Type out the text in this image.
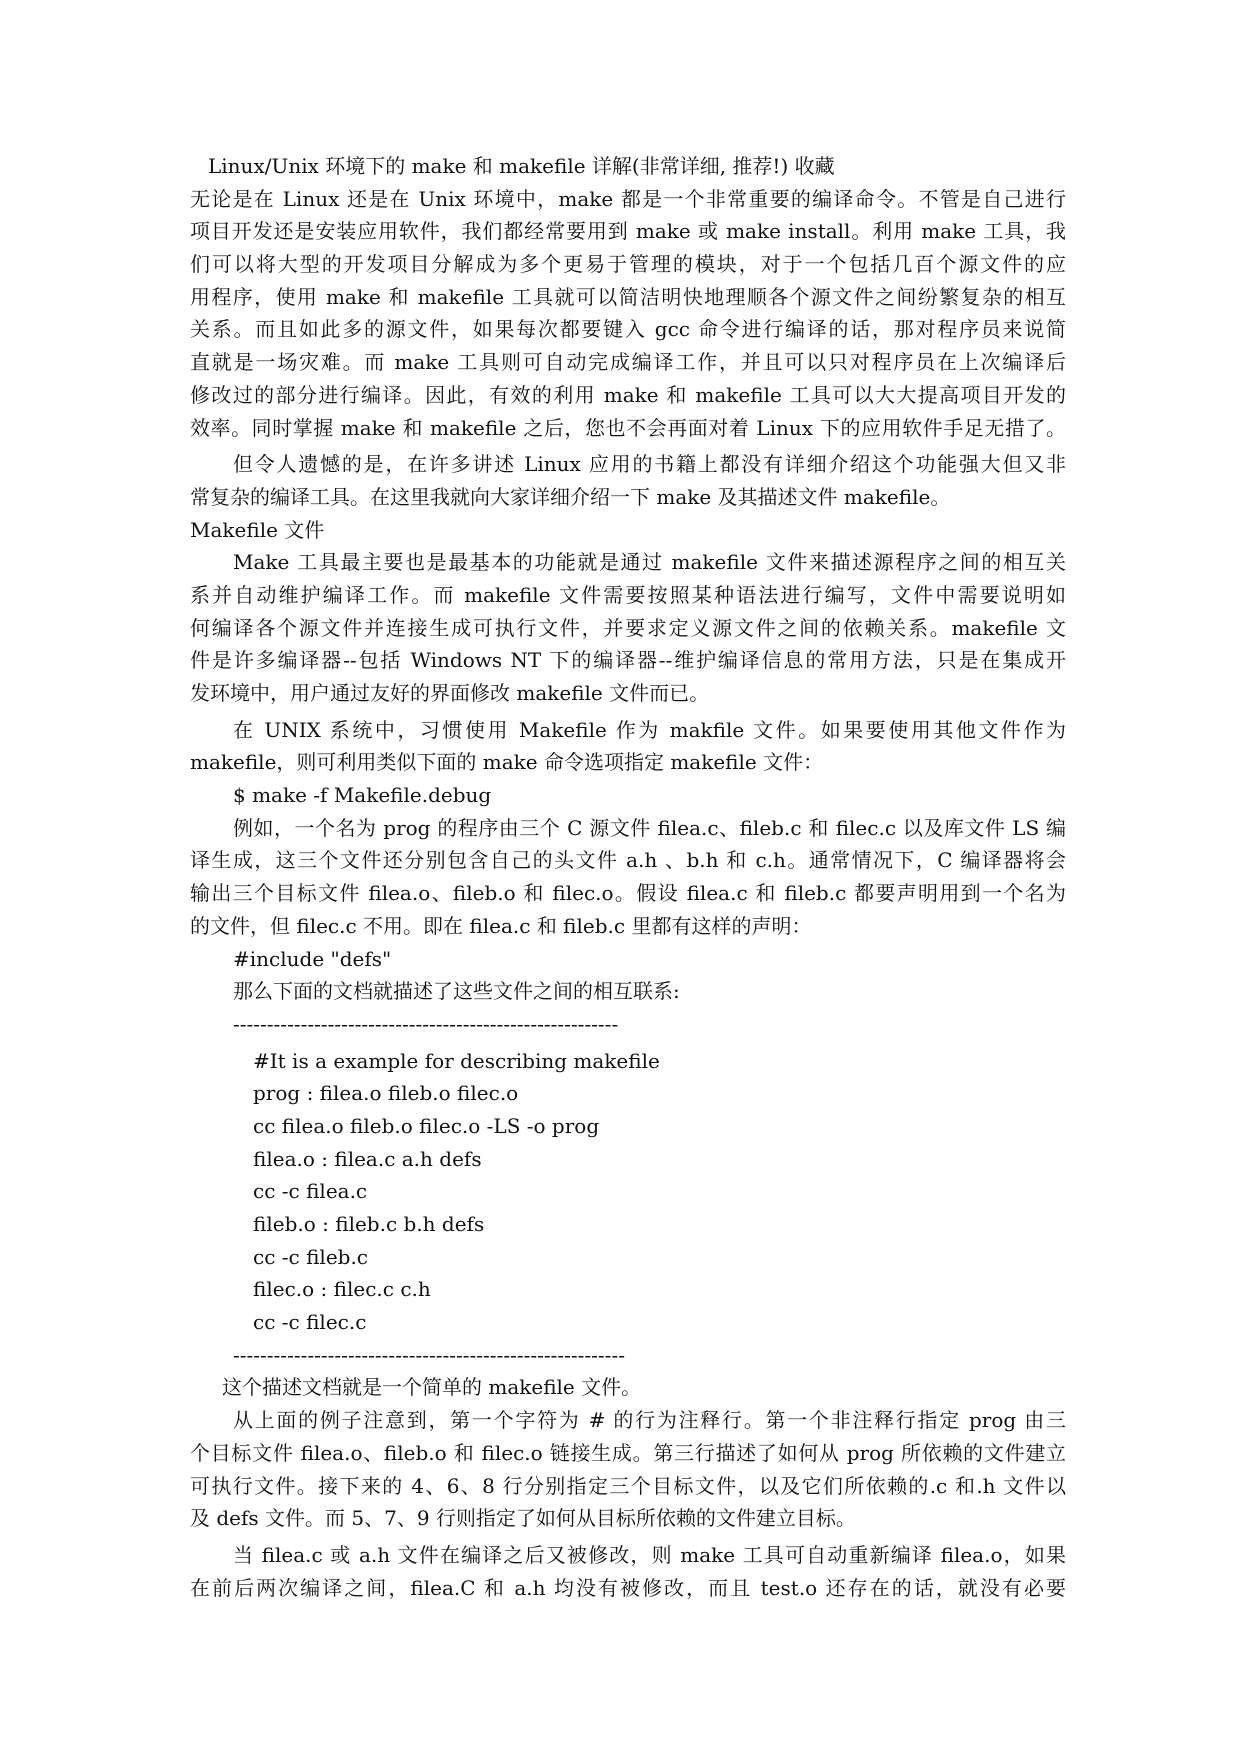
Linux/Unix 环境下的 make 和 makefile 详解(非常详细, 推荐!) 收藏
无论是在 Linux 还是在 Unix 环境中，make 都是一个非常重要的编译命令。不管是自己进行
项目开发还是安装应用软件，我们都经常要用到 make 或 make install。利用 make 工具，我
们可以将大型的开发项目分解成为多个更易于管理的模块，对于一个包括几百个源文件的应
用程序，使用 make 和 makefile 工具就可以简洁明快地理顺各个源文件之间纷繁复杂的相互
关系。而且如此多的源文件，如果每次都要键入 gcc 命令进行编译的话，那对程序员来说简
直就是一场灾难。而 make 工具则可自动完成编译工作，并且可以只对程序员在上次编译后
修改过的部分进行编译。因此，有效的利用 make 和 makefile 工具可以大大提高项目开发的
效率。同时掌握 make 和 makefile 之后，您也不会再面对着 Linux 下的应用软件手足无措了。
但令人遗憾的是，在许多讲述 Linux 应用的书籍上都没有详细介绍这个功能强大但又非
常复杂的编译工具。在这里我就向大家详细介绍一下 make 及其描述文件 makefile。
Makefile 文件
Make 工具最主要也是最基本的功能就是通过 makefile 文件来描述源程序之间的相互关
系并自动维护编译工作。而 makefile 文件需要按照某种语法进行编写，文件中需要说明如
何编译各个源文件并连接生成可执行文件，并要求定义源文件之间的依赖关系。makefile 文
件是许多编译器--包括 Windows NT 下的编译器--维护编译信息的常用方法，只是在集成开
发环境中，用户通过友好的界面修改 makefile 文件而已。
在 UNIX 系统中，习惯使用 Makefile 作为 makfile 文件。如果要使用其他文件作为
makefile，则可利用类似下面的 make 命令选项指定 makefile 文件：
$ make -f Makefile.debug
例如，一个名为 prog 的程序由三个 C 源文件 filea.c、fileb.c 和 filec.c 以及库文件 LS 编
译生成，这三个文件还分别包含自己的头文件 a.h 、b.h 和 c.h。通常情况下，C 编译器将会
输出三个目标文件 filea.o、fileb.o 和 filec.o。假设 filea.c 和 fileb.c 都要声明用到一个名为
的文件，但 filec.c 不用。即在 filea.c 和 fileb.c 里都有这样的声明：
#include "defs"
那么下面的文档就描述了这些文件之间的相互联系:
---------------------------------------------------------
#It is a example for describing makefile
prog : filea.o fileb.o filec.o
cc filea.o fileb.o filec.o -LS -o prog
filea.o : filea.c a.h defs
cc -c filea.c
fileb.o : fileb.c b.h defs
cc -c fileb.c
filec.o : filec.c c.h
cc -c filec.c
----------------------------------------------------------
这个描述文档就是一个简单的 makefile 文件。
从上面的例子注意到，第一个字符为 # 的行为注释行。第一个非注释行指定 prog 由三
个目标文件 filea.o、fileb.o 和 filec.o 链接生成。第三行描述了如何从 prog 所依赖的文件建立
可执行文件。接下来的 4、6、8 行分别指定三个目标文件，以及它们所依赖的.c 和.h 文件以
及 defs 文件。而 5、7、9 行则指定了如何从目标所依赖的文件建立目标。
当 filea.c 或 a.h 文件在编译之后又被修改，则 make 工具可自动重新编译 filea.o，如果
在前后两次编译之间，filea.C 和 a.h 均没有被修改，而且 test.o 还存在的话，就没有必要
